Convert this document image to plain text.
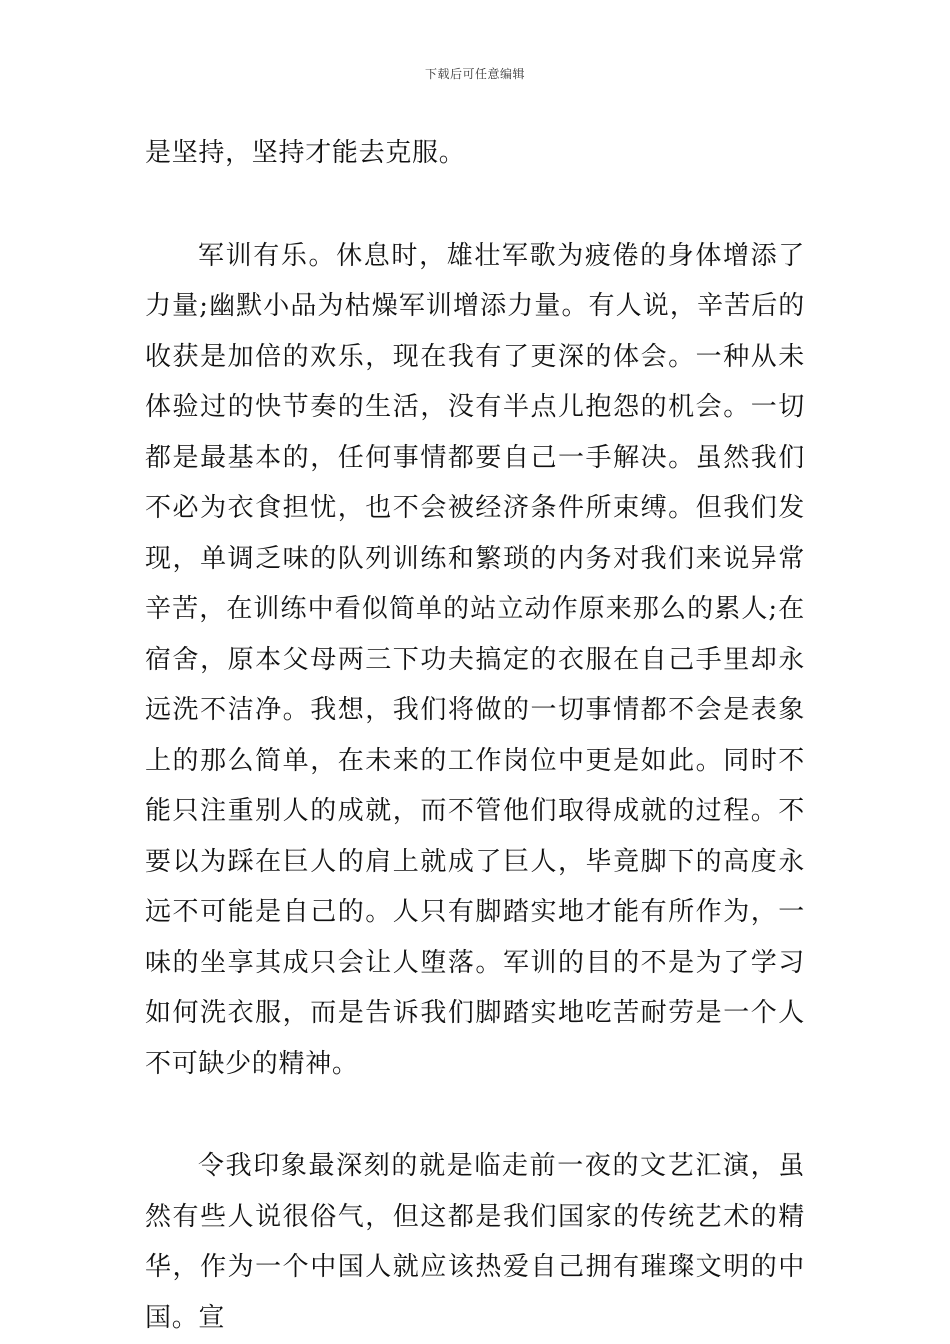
下载后可任意编辑

是坚持，坚持才能去克服。

军训有乐。休息时，雄壮军歌为疲倦的身体增添了力量;幽默小品为枯燥军训增添力量。有人说，辛苦后的收获是加倍的欢乐，现在我有了更深的体会。一种从未体验过的快节奏的生活，没有半点儿抱怨的机会。一切都是最基本的，任何事情都要自己一手解决。虽然我们不必为衣食担忧，也不会被经济条件所束缚。但我们发现，单调乏味的队列训练和繁琐的内务对我们来说异常辛苦，在训练中看似简单的站立动作原来那么的累人;在宿舍，原本父母两三下功夫搞定的衣服在自己手里却永远洗不洁净。我想，我们将做的一切事情都不会是表象上的那么简单，在未来的工作岗位中更是如此。同时不能只注重别人的成就，而不管他们取得成就的过程。不要以为踩在巨人的肩上就成了巨人，毕竟脚下的高度永远不可能是自己的。人只有脚踏实地才能有所作为，一味的坐享其成只会让人堕落。军训的目的不是为了学习如何洗衣服，而是告诉我们脚踏实地吃苦耐劳是一个人不可缺少的精神。

令我印象最深刻的就是临走前一夜的文艺汇演，虽然有些人说很俗气，但这都是我们国家的传统艺术的精华，作为一个中国人就应该热爱自己拥有璀璨文明的中国。宣
